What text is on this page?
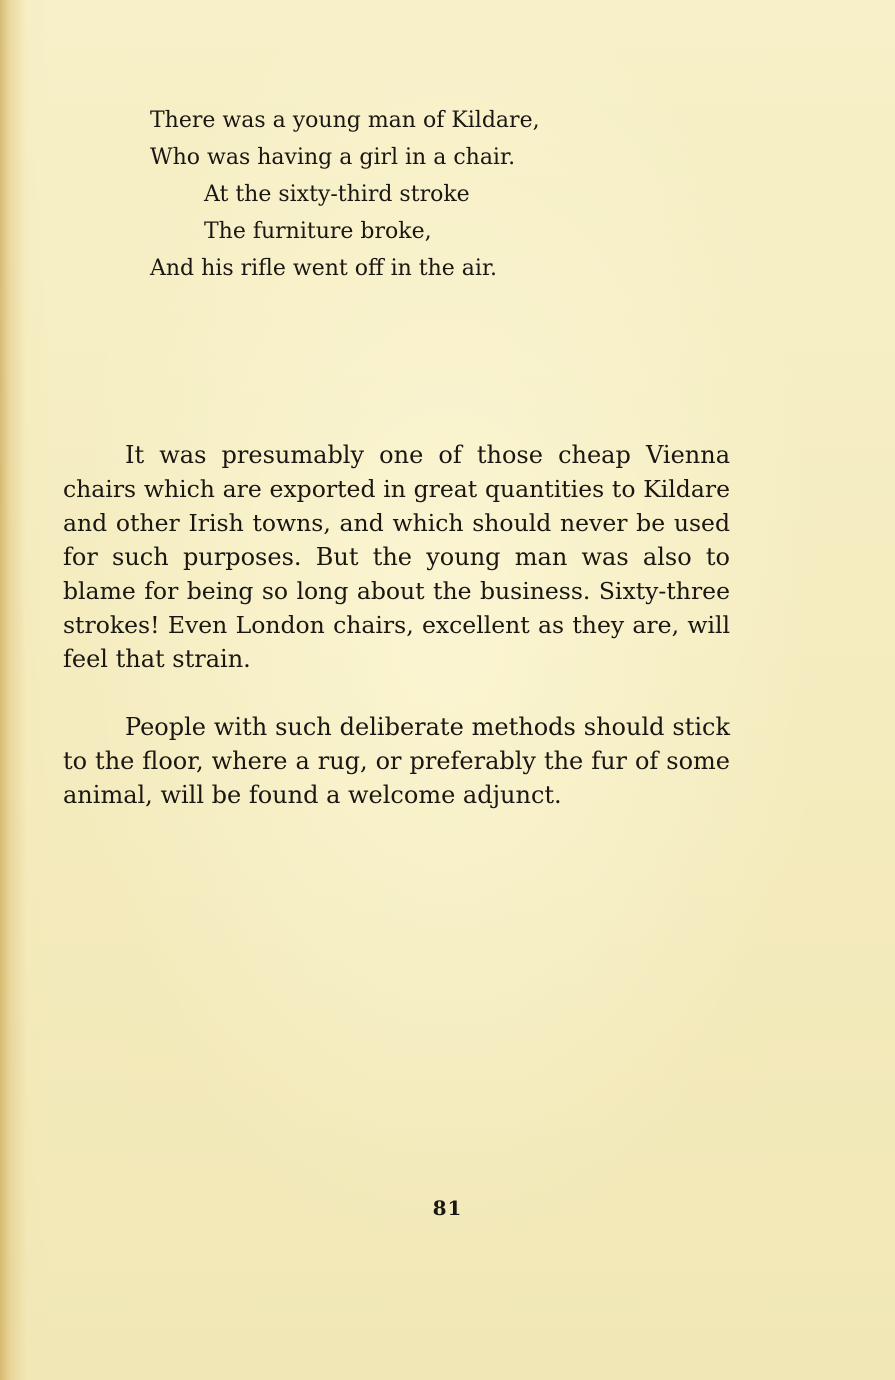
There was a young man of Kildare,
Who was having a girl in a chair.
At the sixty-third stroke
The furniture broke,
And his rifle went off in the air.
It was presumably one of those cheap Vienna
chairs which are exported in great quantities to Kildare
and other Irish towns, and which should never be used
for such purposes. But the young man was also to
blame for being so long about the business. Sixty-three
strokes! Even London chairs, excellent as they are, will
feel that strain.
People with such deliberate methods should stick
to the floor, where a rug, or preferably the fur of some
animal, will be found a welcome adjunct.
81
